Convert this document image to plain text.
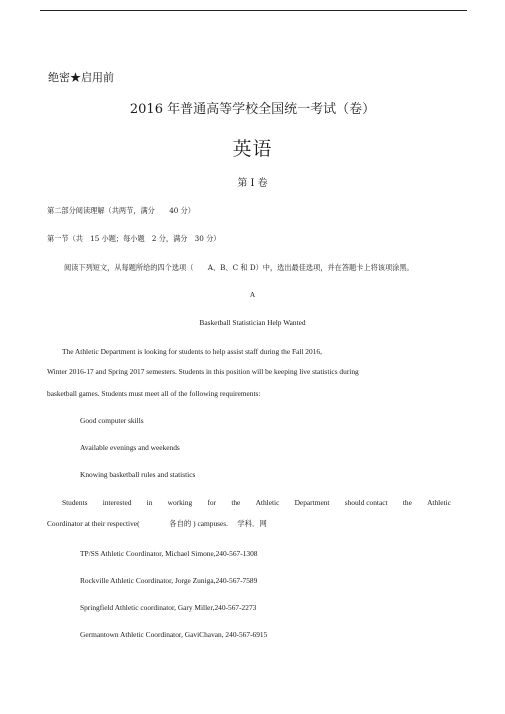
绝密★启用前
2016 年普通高等学校全国统一考试（卷）
英语
第 I 卷
第二部分阅读理解（共两节，满分　　40 分）
第一节（共　15 小题；每小题　2 分，满分　30 分）
阅读下列短文，从每题所给的四个选项（　　A、B、C 和 D）中，选出最佳选项，并在答题卡上将该项涂黑。
A
Basketball Statistician Help Wanted
The Athletic Department is looking for students to help assist staff during the Fall 2016,
Winter 2016-17 and Spring 2017 semesters. Students in this position will be keeping live statistics during
basketball games. Students must meet all of the following requirements:
Good computer skills
Available evenings and weekends
Knowing basketball rules and statistics
Students interested in working for the Athletic Department should contact the Athletic
Coordinator at their respective(　　　　各自的 ) campuses.　 学科．网
TP/SS Athletic Coordinator, Michael Simone,240-567-1308
Rockville Athletic Coordinator, Jorge Zuniga,240-567-7589
Springfield Athletic coordinator, Gary Miller,240-567-2273
Germantown Athletic Coordinator, GaviChavan, 240-567-6915
